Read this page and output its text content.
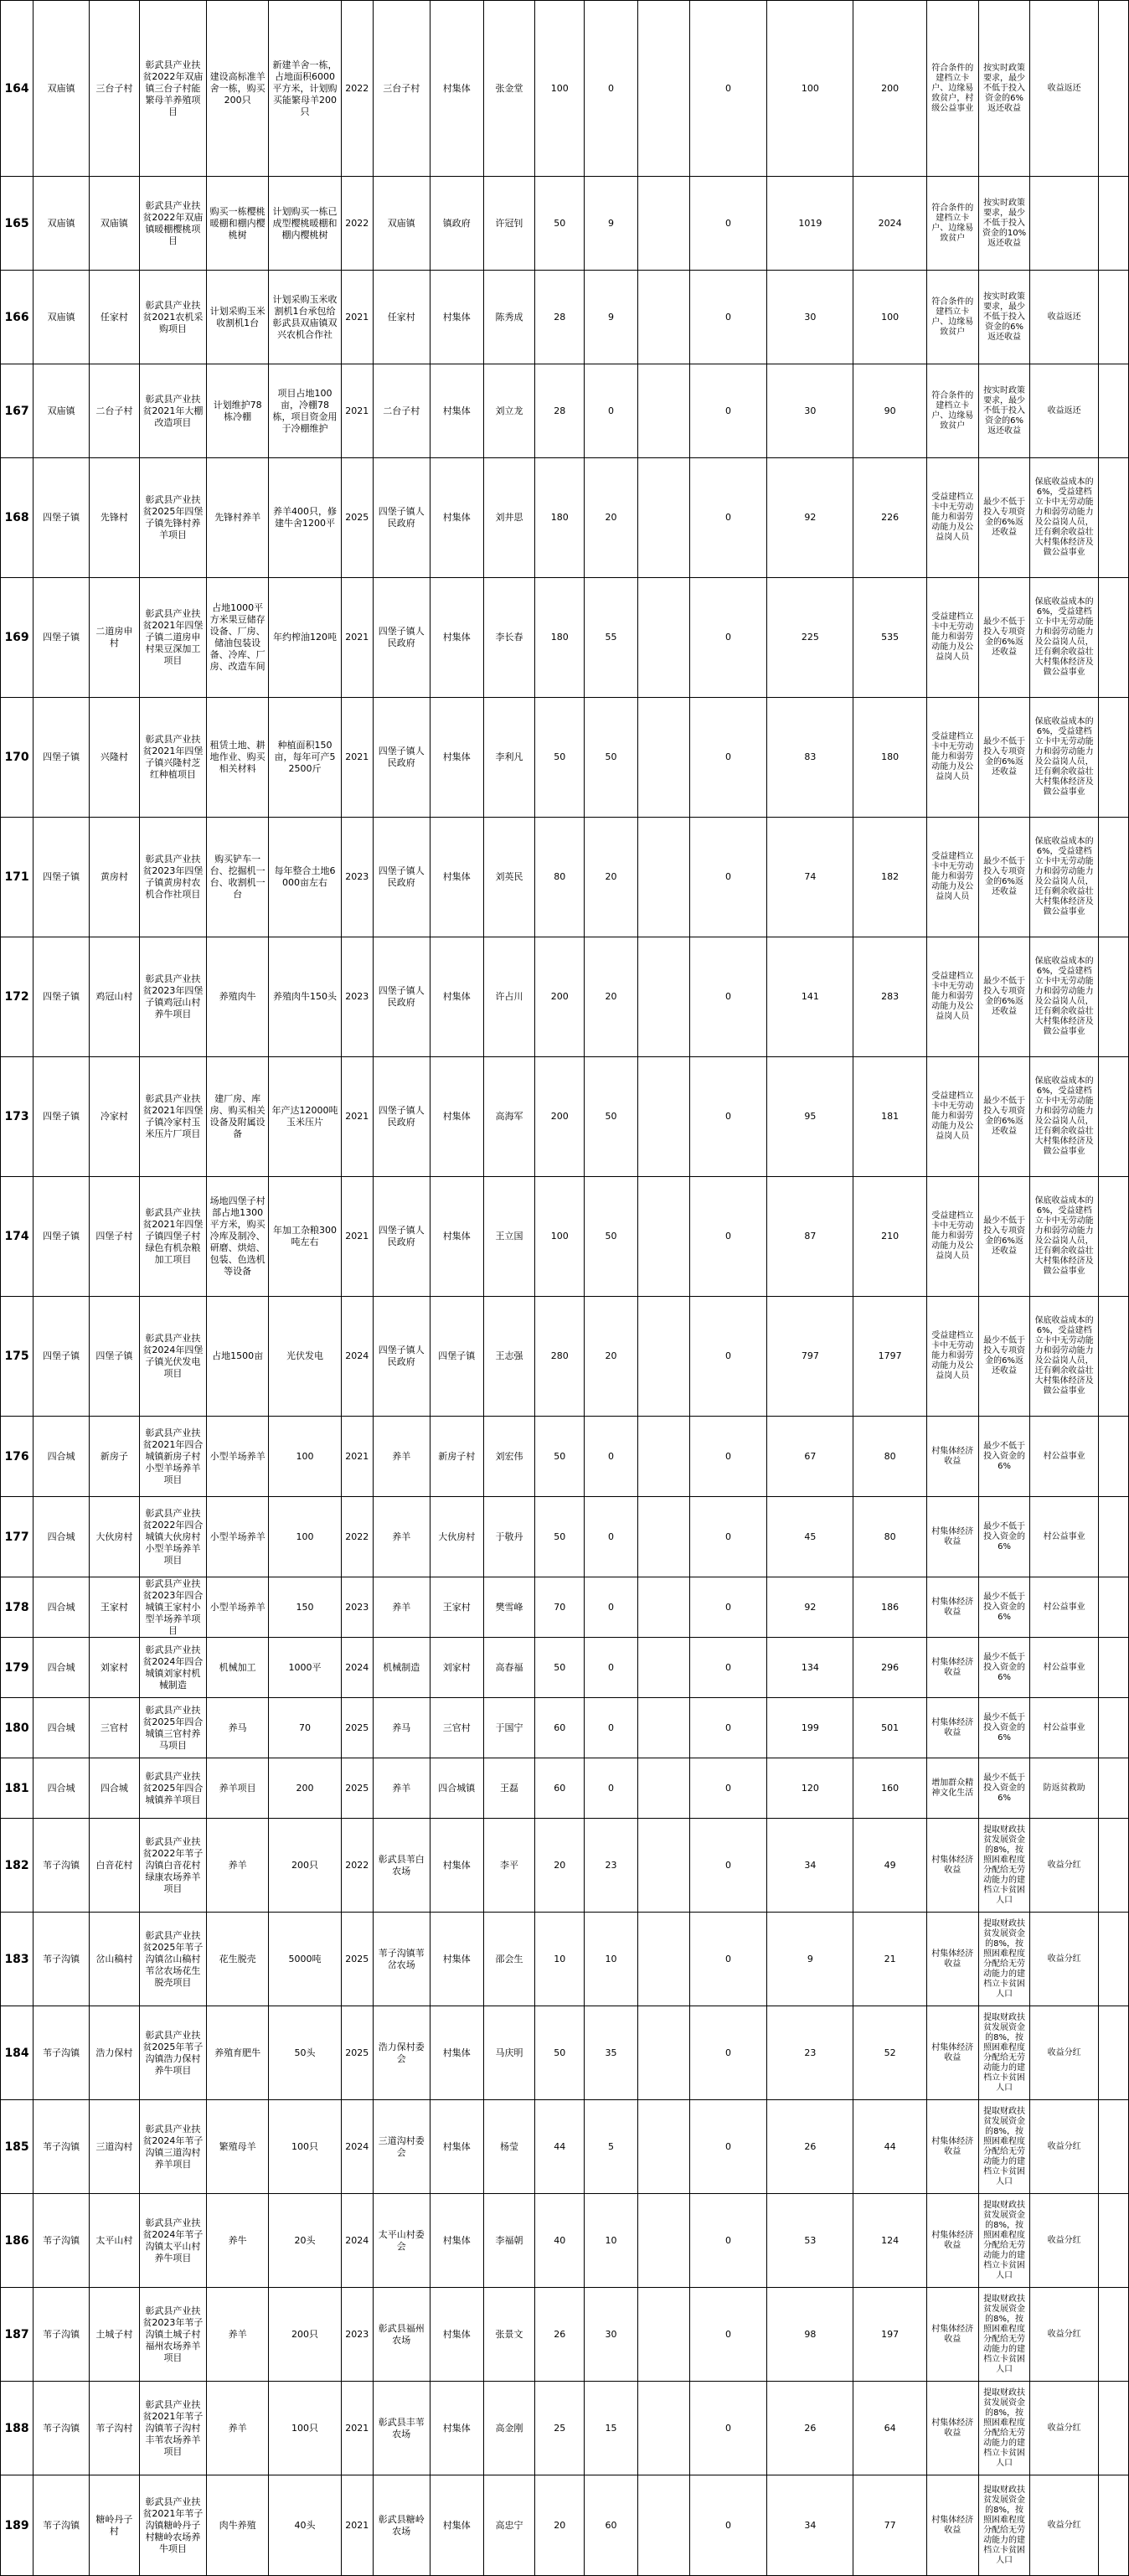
164	双庙镇	三台子村	彰武县产业扶贫2022年双庙镇三台子村能繁母羊养殖项目	建设高标准羊舍一栋，购买200只	新建羊舍一栋，占地面积6000平方米，计划购买能繁母羊200只	2022	三台子村	村集体	张金堂	100	0		0	100	200	符合条件的建档立卡户、边缘易致贫户，村级公益事业	按实时政策要求，最少不低于投入资金的6%返还收益	收益返还	
165	双庙镇	双庙镇	彰武县产业扶贫2022年双庙镇暖棚樱桃项目	购买一栋樱桃暖棚和棚内樱桃树	计划购买一栋已成型樱桃暖棚和棚内樱桃树	2022	双庙镇	镇政府	许冠钊	50	9		0	1019	2024	符合条件的建档立卡户、边缘易致贫户	按实时政策要求，最少不低于投入资金的10%返还收益		
166	双庙镇	任家村	彰武县产业扶贫2021农机采购项目	计划采购玉米收割机1台	计划采购玉米收割机1台承包给彰武县双庙镇双兴农机合作社	2021	任家村	村集体	陈秀成	28	9		0	30	100	符合条件的建档立卡户、边缘易致贫户	按实时政策要求，最少不低于投入资金的6%返还收益	收益返还	
167	双庙镇	二台子村	彰武县产业扶贫2021年大棚改造项目	计划维护78栋冷棚	项目占地100亩，冷棚78栋，项目资金用于冷棚维护	2021	二台子村	村集体	刘立龙	28	0		0	30	90	符合条件的建档立卡户、边缘易致贫户	按实时政策要求，最少不低于投入资金的6%返还收益	收益返还	
168	四堡子镇	先锋村	彰武县产业扶贫2025年四堡子镇先锋村养羊项目	先锋村养羊	养羊400只，修建牛舍1200平	2025	四堡子镇人民政府	村集体	刘井思	180	20		0	92	226	受益建档立卡中无劳动能力和弱劳动能力及公益岗人员	最少不低于投入专项资金的6%返还收益	保底收益成本的6%，受益建档立卡中无劳动能力和弱劳动能力及公益岗人员，迁有剩余收益壮大村集体经济及做公益事业	
169	四堡子镇	二道房申村	彰武县产业扶贫2021年四堡子镇二道房申村果豆深加工项目	占地1000平方米果豆储存设备、厂房、储油包装设备、冷库、厂房、改造车间	年约榨油120吨	2021	四堡子镇人民政府	村集体	李长春	180	55		0	225	535	受益建档立卡中无劳动能力和弱劳动能力及公益岗人员	最少不低于投入专项资金的6%返还收益	保底收益成本的6%，受益建档立卡中无劳动能力和弱劳动能力及公益岗人员，迁有剩余收益壮大村集体经济及做公益事业	
170	四堡子镇	兴隆村	彰武县产业扶贫2021年四堡子镇兴隆村芝红种植项目	租赁土地、耕地作业、购买相关材料	种植面积150亩，每年可产52500斤	2021	四堡子镇人民政府	村集体	李利凡	50	50		0	83	180	受益建档立卡中无劳动能力和弱劳动能力及公益岗人员	最少不低于投入专项资金的6%返还收益	保底收益成本的6%，受益建档立卡中无劳动能力和弱劳动能力及公益岗人员，迁有剩余收益壮大村集体经济及做公益事业	
171	四堡子镇	黄房村	彰武县产业扶贫2023年四堡子镇黄房村农机合作社项目	购买铲车一台、挖掘机一台、收割机一台	每年整合土地6000亩左右	2023	四堡子镇人民政府	村集体	刘英民	80	20		0	74	182	受益建档立卡中无劳动能力和弱劳动能力及公益岗人员	最少不低于投入专项资金的6%返还收益	保底收益成本的6%，受益建档立卡中无劳动能力和弱劳动能力及公益岗人员，迁有剩余收益壮大村集体经济及做公益事业	
172	四堡子镇	鸡冠山村	彰武县产业扶贫2023年四堡子镇鸡冠山村养牛项目	养殖肉牛	养殖肉牛150头	2023	四堡子镇人民政府	村集体	许占川	200	20		0	141	283	受益建档立卡中无劳动能力和弱劳动能力及公益岗人员	最少不低于投入专项资金的6%返还收益	保底收益成本的6%，受益建档立卡中无劳动能力和弱劳动能力及公益岗人员，迁有剩余收益壮大村集体经济及做公益事业	
173	四堡子镇	冷家村	彰武县产业扶贫2021年四堡子镇冷家村玉米压片厂项目	建厂房、库房、购买相关设备及附属设备	年产达12000吨玉米压片	2021	四堡子镇人民政府	村集体	高海军	200	50		0	95	181	受益建档立卡中无劳动能力和弱劳动能力及公益岗人员	最少不低于投入专项资金的6%返还收益	保底收益成本的6%，受益建档立卡中无劳动能力和弱劳动能力及公益岗人员，迁有剩余收益壮大村集体经济及做公益事业	
174	四堡子镇	四堡子村	彰武县产业扶贫2021年四堡子镇四堡子村绿色有机杂粮加工项目	场地四堡子村部占地1300平方米，购买冷库及制冷、研磨、烘焙、包装、色选机等设备	年加工杂粮300吨左右	2021	四堡子镇人民政府	村集体	王立国	100	50		0	87	210	受益建档立卡中无劳动能力和弱劳动能力及公益岗人员	最少不低于投入专项资金的6%返还收益	保底收益成本的6%，受益建档立卡中无劳动能力和弱劳动能力及公益岗人员，迁有剩余收益壮大村集体经济及做公益事业	
175	四堡子镇	四堡子镇	彰武县产业扶贫2024年四堡子镇光伏发电项目	占地1500亩	光伏发电	2024	四堡子镇人民政府	四堡子镇	王志强	280	20		0	797	1797	受益建档立卡中无劳动能力和弱劳动能力及公益岗人员	最少不低于投入专项资金的6%返还收益	保底收益成本的6%，受益建档立卡中无劳动能力和弱劳动能力及公益岗人员，迁有剩余收益壮大村集体经济及做公益事业	
176	四合城	新房子	彰武县产业扶贫2021年四合城镇新房子村小型羊场养羊项目	小型羊场养羊	100	2021	养羊	新房子村	刘宏伟	50	0		0	67	80	村集体经济收益	最少不低于投入资金的6%	村公益事业	
177	四合城	大伙房村	彰武县产业扶贫2022年四合城镇大伙房村小型羊场养羊项目	小型羊场养羊	100	2022	养羊	大伙房村	于敬丹	50	0		0	45	80	村集体经济收益	最少不低于投入资金的6%	村公益事业	
178	四合城	王家村	彰武县产业扶贫2023年四合城镇王家村小型羊场养羊项目	小型羊场养羊	150	2023	养羊	王家村	樊雪峰	70	0		0	92	186	村集体经济收益	最少不低于投入资金的6%	村公益事业	
179	四合城	刘家村	彰武县产业扶贫2024年四合城镇刘家村机械制造	机械加工	1000平	2024	机械制造	刘家村	高春福	50	0		0	134	296	村集体经济收益	最少不低于投入资金的6%	村公益事业	
180	四合城	三官村	彰武县产业扶贫2025年四合城镇三官村养马项目	养马	70	2025	养马	三官村	于国宁	60	0		0	199	501	村集体经济收益	最少不低于投入资金的6%	村公益事业	
181	四合城	四合城	彰武县产业扶贫2025年四合城镇养羊项目	养羊项目	200	2025	养羊	四合城镇	王磊	60	0		0	120	160	增加群众精神文化生活	最少不低于投入资金的6%	防返贫救助	
182	苇子沟镇	白音花村	彰武县产业扶贫2022年苇子沟镇白音花村绿康农场养羊项目	养羊	200只	2022	彰武县苇白农场	村集体	李平	20	23		0	34	49	村集体经济收益	提取财政扶贫发展资金的8%，按照困难程度分配给无劳动能力的建档立卡贫困人口	收益分红	
183	苇子沟镇	岔山稿村	彰武县产业扶贫2025年苇子沟镇岔山稿村苇岔农场花生脱壳项目	花生脱壳	5000吨	2025	苇子沟镇苇岔农场	村集体	邵会生	10	10		0	9	21	村集体经济收益	提取财政扶贫发展资金的8%，按照困难程度分配给无劳动能力的建档立卡贫困人口	收益分红	
184	苇子沟镇	浩力保村	彰武县产业扶贫2025年苇子沟镇浩力保村养牛项目	养殖育肥牛	50头	2025	浩力保村委会	村集体	马庆明	50	35		0	23	52	村集体经济收益	提取财政扶贫发展资金的8%，按照困难程度分配给无劳动能力的建档立卡贫困人口	收益分红	
185	苇子沟镇	三道沟村	彰武县产业扶贫2024年苇子沟镇三道沟村养羊项目	繁殖母羊	100只	2024	三道沟村委会	村集体	杨莹	44	5		0	26	44	村集体经济收益	提取财政扶贫发展资金的8%，按照困难程度分配给无劳动能力的建档立卡贫困人口	收益分红	
186	苇子沟镇	太平山村	彰武县产业扶贫2024年苇子沟镇太平山村养牛项目	养牛	20头	2024	太平山村委会	村集体	李福朝	40	10		0	53	124	村集体经济收益	提取财政扶贫发展资金的8%，按照困难程度分配给无劳动能力的建档立卡贫困人口	收益分红	
187	苇子沟镇	土城子村	彰武县产业扶贫2023年苇子沟镇土城子村福州农场养羊项目	养羊	200只	2023	彰武县福州农场	村集体	张景文	26	30		0	98	197	村集体经济收益	提取财政扶贫发展资金的8%，按照困难程度分配给无劳动能力的建档立卡贫困人口	收益分红	
188	苇子沟镇	苇子沟村	彰武县产业扶贫2021年苇子沟镇苇子沟村丰苇农场养羊项目	养羊	100只	2021	彰武县丰苇农场	村集体	高金刚	25	15		0	26	64	村集体经济收益	提取财政扶贫发展资金的8%，按照困难程度分配给无劳动能力的建档立卡贫困人口	收益分红	
189	苇子沟镇	糖岭丹子村	彰武县产业扶贫2021年苇子沟镇糖岭丹子村糖岭农场养牛项目	肉牛养殖	40头	2021	彰武县糖岭农场	村集体	高忠宁	20	60		0	34	77	村集体经济收益	提取财政扶贫发展资金的8%，按照困难程度分配给无劳动能力的建档立卡贫困人口	收益分红	
